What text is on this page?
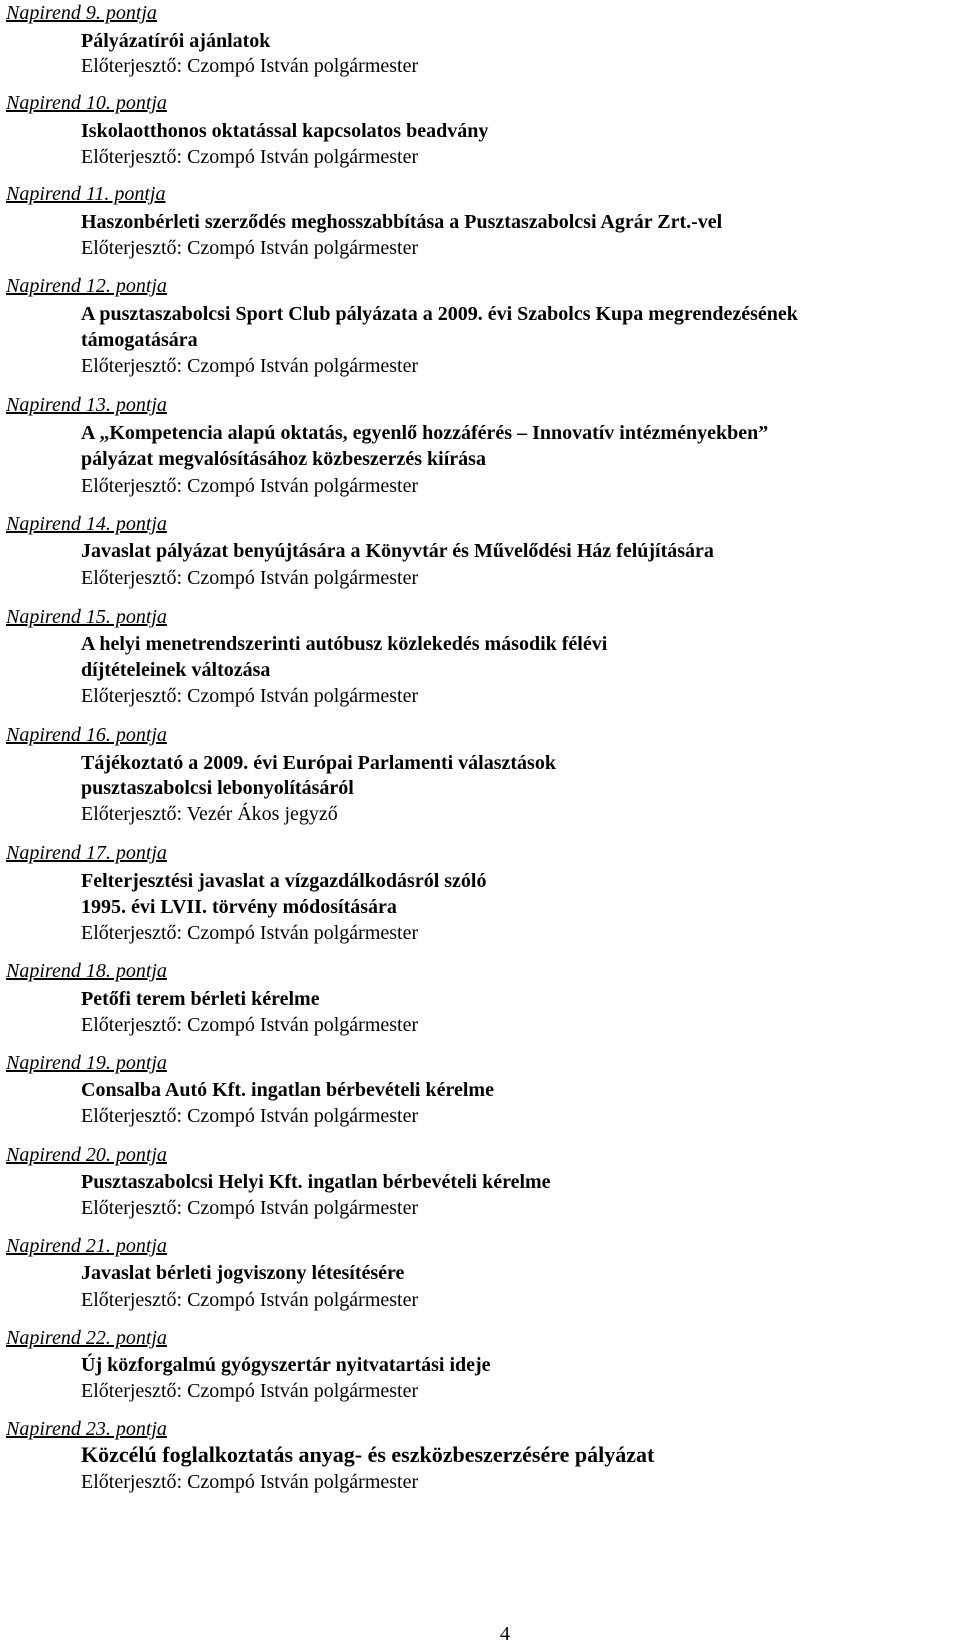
Napirend 9. pontja
Pályázatírói ajánlatok
Előterjesztő: Czompó István polgármester
Napirend 10. pontja
Iskolaotthonos oktatással kapcsolatos beadvány
Előterjesztő: Czompó István polgármester
Napirend 11. pontja
Haszonbérleti szerződés meghosszabbítása a Pusztaszabolcsi Agrár Zrt.-vel
Előterjesztő: Czompó István polgármester
Napirend 12. pontja
A pusztaszabolcsi Sport Club pályázata a 2009. évi Szabolcs Kupa megrendezésének
támogatására
Előterjesztő: Czompó István polgármester
Napirend 13. pontja
A „Kompetencia alapú oktatás, egyenlő hozzáférés – Innovatív intézményekben”
pályázat megvalósításához közbeszerzés kiírása
Előterjesztő: Czompó István polgármester
Napirend 14. pontja
Javaslat pályázat benyújtására a Könyvtár és Művelődési Ház felújítására
Előterjesztő: Czompó István polgármester
Napirend 15. pontja
A helyi menetrendszerinti autóbusz közlekedés második félévi
díjtételeinek változása
Előterjesztő: Czompó István polgármester
Napirend 16. pontja
Tájékoztató a 2009. évi Európai Parlamenti választások
pusztaszabolcsi lebonyolításáról
Előterjesztő: Vezér Ákos jegyző
Napirend 17. pontja
Felterjesztési javaslat a vízgazdálkodásról szóló
1995. évi LVII. törvény módosítására
Előterjesztő: Czompó István polgármester
Napirend 18. pontja
Petőfi terem bérleti kérelme
Előterjesztő: Czompó István polgármester
Napirend 19. pontja
Consalba Autó Kft. ingatlan bérbevételi kérelme
Előterjesztő: Czompó István polgármester
Napirend 20. pontja
Pusztaszabolcsi Helyi Kft. ingatlan bérbevételi kérelme
Előterjesztő: Czompó István polgármester
Napirend 21. pontja
Javaslat bérleti jogviszony létesítésére
Előterjesztő: Czompó István polgármester
Napirend 22. pontja
Új közforgalmú gyógyszertár nyitvatartási ideje
Előterjesztő: Czompó István polgármester
Napirend 23. pontja
Közcélú foglalkoztatás anyag- és eszközbeszerzésére pályázat
Előterjesztő: Czompó István polgármester
4
